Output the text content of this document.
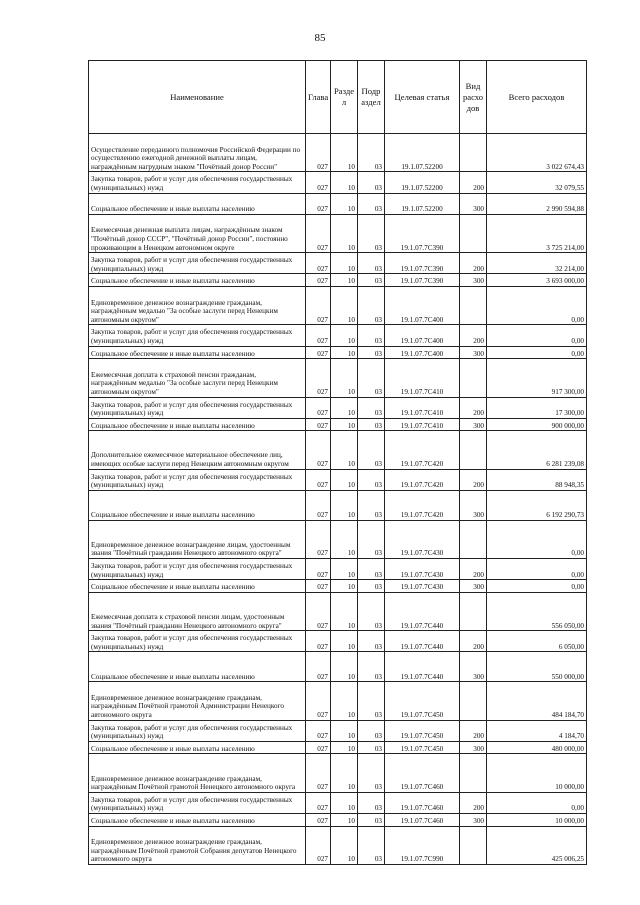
85
Наименование	Глава	Разде л	Подр аздел	Целевая статья	Вид расхо дов	Всего расходов
Осуществление переданного полномочия Российской Федерации по осуществлению ежегодной денежной выплаты лицам, награждённым нагрудным знаком "Почётный донор России"	027	10	03	19.1.07.52200		3 022 674,43
Закупка товаров, работ и услуг для обеспечения государственных (муниципальных) нужд	027	10	03	19.1.07.52200	200	32 079,55
Социальное обеспечение и иные выплаты населению	027	10	03	19.1.07.52200	300	2 990 594,88
Ежемесячная денежная выплата лицам, награждённым знаком "Почётный донор СССР", "Почётный донор России", постоянно проживающим в Ненецком автономном округе	027	10	03	19.1.07.7С390		3 725 214,00
Закупка товаров, работ и услуг для обеспечения государственных (муниципальных) нужд	027	10	03	19.1.07.7С390	200	32 214,00
Социальное обеспечение и иные выплаты населению	027	10	03	19.1.07.7С390	300	3 693 000,00
Единовременное денежное вознаграждение гражданам, награждённым медалью "За особые заслуги перед Ненецким автономным округом"	027	10	03	19.1.07.7С400		0,00
Закупка товаров, работ и услуг для обеспечения государственных (муниципальных) нужд	027	10	03	19.1.07.7С400	200	0,00
Социальное обеспечение и иные выплаты населению	027	10	03	19.1.07.7С400	300	0,00
Ежемесячная доплата к страховой пенсии гражданам, награждённым медалью "За особые заслуги перед Ненецким автономным округом"	027	10	03	19.1.07.7С410		917 300,00
Закупка товаров, работ и услуг для обеспечения государственных (муниципальных) нужд	027	10	03	19.1.07.7С410	200	17 300,00
Социальное обеспечение и иные выплаты населению	027	10	03	19.1.07.7С410	300	900 000,00
Дополнительное ежемесячное материальное обеспечение лиц, имеющих особые заслуги перед Ненецким автономным округом	027	10	03	19.1.07.7С420		6 281 239,08
Закупка товаров, работ и услуг для обеспечения государственных (муниципальных) нужд	027	10	03	19.1.07.7С420	200	88 948,35
Социальное обеспечение и иные выплаты населению	027	10	03	19.1.07.7С420	300	6 192 290,73
Единовременное денежное вознаграждение лицам, удостоенным звания "Почётный гражданин Ненецкого автономного округа"	027	10	03	19.1.07.7С430		0,00
Закупка товаров, работ и услуг для обеспечения государственных (муниципальных) нужд	027	10	03	19.1.07.7С430	200	0,00
Социальное обеспечение и иные выплаты населению	027	10	03	19.1.07.7С430	300	0,00
Ежемесячная доплата к страховой пенсии лицам, удостоенным звания "Почётный гражданин Ненецкого автономного округа"	027	10	03	19.1.07.7С440		556 050,00
Закупка товаров, работ и услуг для обеспечения государственных (муниципальных) нужд	027	10	03	19.1.07.7С440	200	6 050,00
Социальное обеспечение и иные выплаты населению	027	10	03	19.1.07.7С440	300	550 000,00
Единовременное денежное вознаграждение гражданам, награждённым Почётной грамотой Администрации Ненецкого автономного округа	027	10	03	19.1.07.7С450		484 184,70
Закупка товаров, работ и услуг для обеспечения государственных (муниципальных) нужд	027	10	03	19.1.07.7С450	200	4 184,70
Социальное обеспечение и иные выплаты населению	027	10	03	19.1.07.7С450	300	480 000,00
Единовременное денежное вознаграждение гражданам, награждённым Почётной грамотой Ненецкого автономного округа	027	10	03	19.1.07.7С460		10 000,00
Закупка товаров, работ и услуг для обеспечения государственных (муниципальных) нужд	027	10	03	19.1.07.7С460	200	0,00
Социальное обеспечение и иные выплаты населению	027	10	03	19.1.07.7С460	300	10 000,00
Единовременное денежное вознаграждение гражданам, награждённым Почётной грамотой Собрания депутатов Ненецкого автономного округа	027	10	03	19.1.07.7С990		425 006,25
